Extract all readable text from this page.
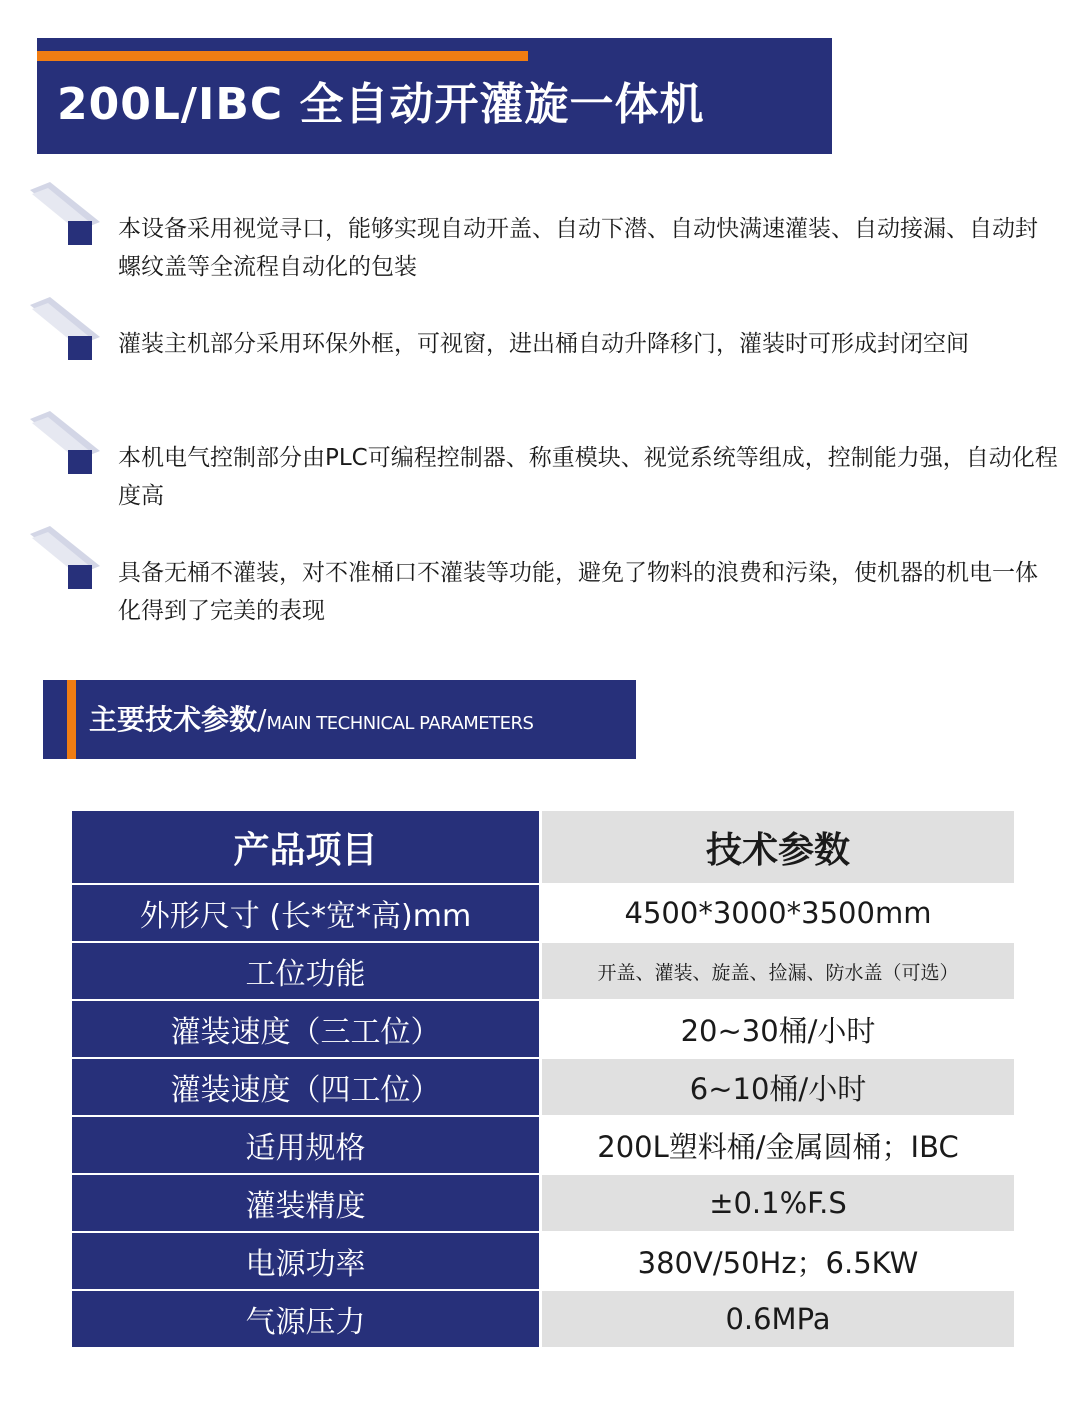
200L/IBC 全自动开灌旋一体机
本设备采用视觉寻口，能够实现自动开盖、自动下潜、自动快满速灌装、自动接漏、自动封螺纹盖等全流程自动化的包装
灌装主机部分采用环保外框，可视窗，进出桶自动升降移门，灌装时可形成封闭空间
本机电气控制部分由PLC可编程控制器、称重模块、视觉系统等组成，控制能力强，自动化程度高
具备无桶不灌装，对不准桶口不灌装等功能，避免了物料的浪费和污染，使机器的机电一体化得到了完美的表现
主要技术参数/MAIN TECHNICAL PARAMETERS
产品项目	技术参数
外形尺寸 (长*宽*高)mm	4500*3000*3500mm
工位功能	开盖、灌装、旋盖、捡漏、防水盖（可选）
灌装速度（三工位）	20~30桶/小时
灌装速度（四工位）	6~10桶/小时
适用规格	200L塑料桶/金属圆桶；IBC
灌装精度	±0.1%F.S
电源功率	380V/50Hz；6.5KW
气源压力	0.6MPa
